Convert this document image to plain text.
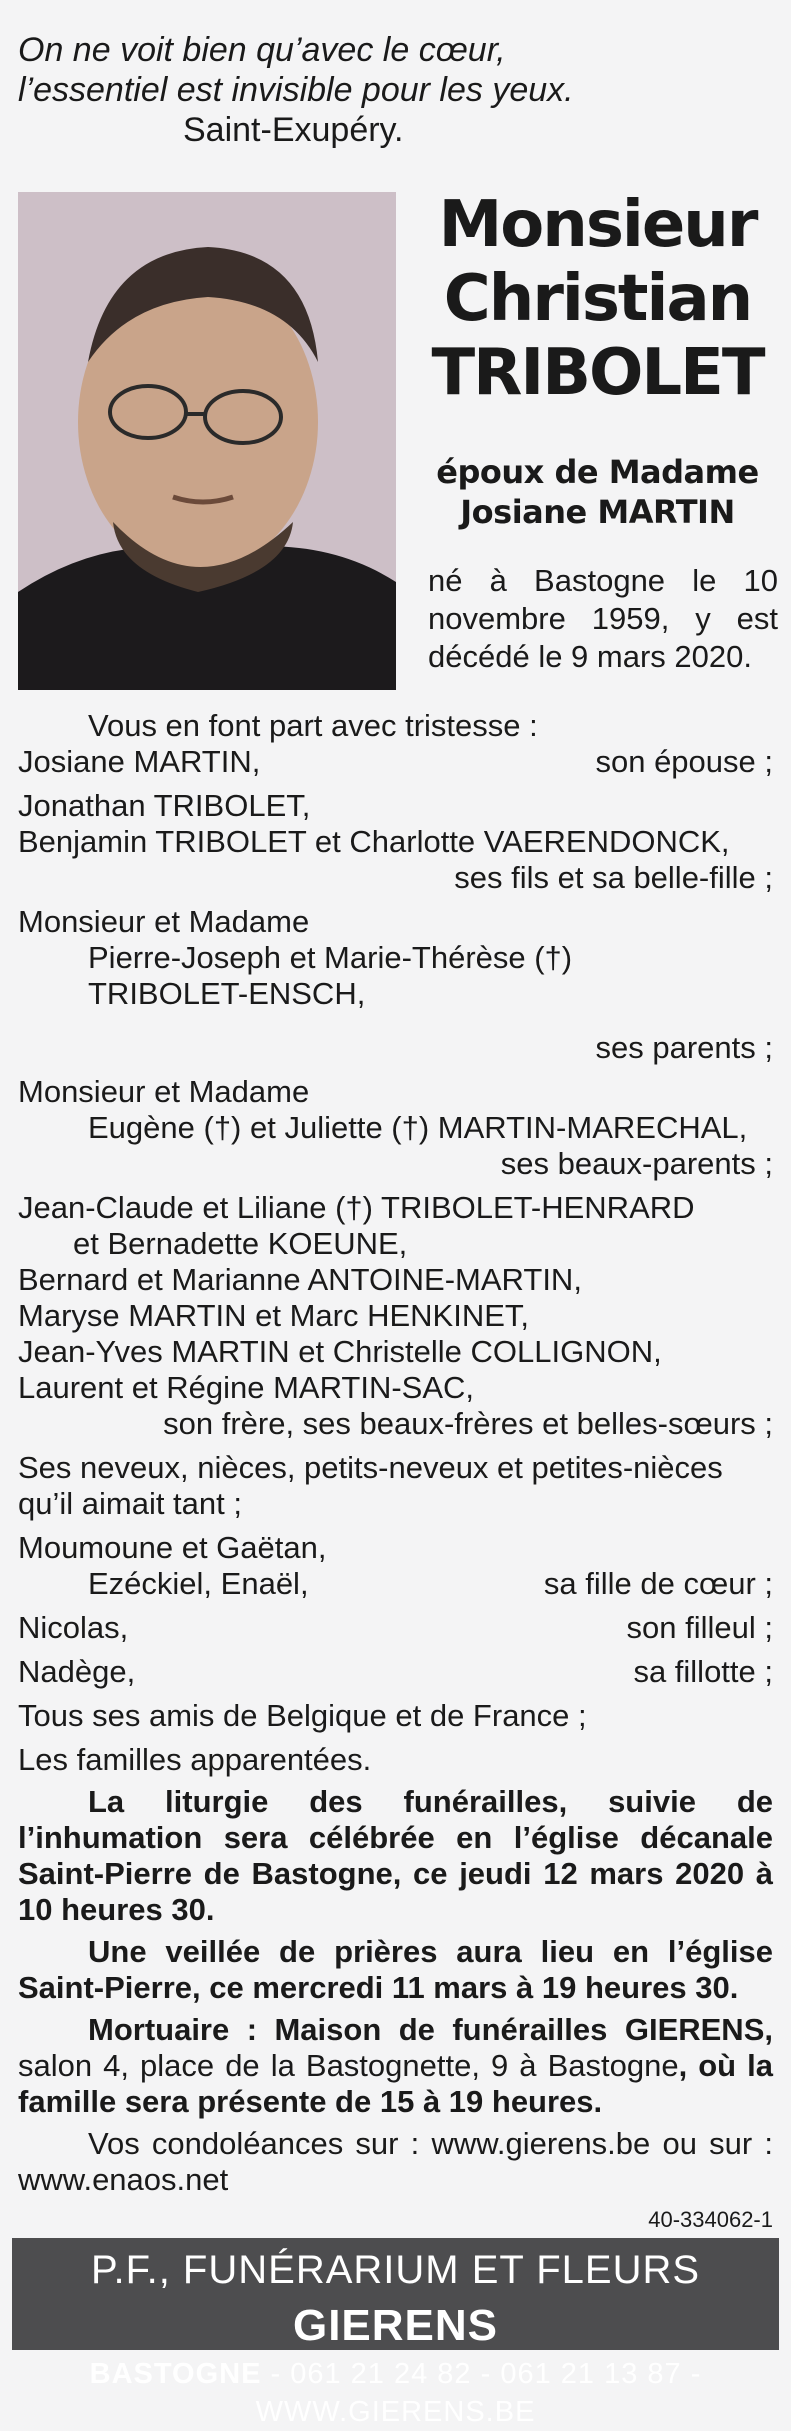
On ne voit bien qu’avec le cœur,
l’essentiel est invisible pour les yeux.
Saint-Exupéry.
Monsieur
Christian
TRIBOLET
époux de Madame
Josiane MARTIN
né à Bastogne le 10 novembre 1959, y est décédé le 9 mars 2020.
Vous en font part avec tristesse :
Josiane MARTIN,	son épouse ;
Jonathan TRIBOLET,
Benjamin TRIBOLET et Charlotte VAERENDONCK,
ses fils et sa belle-fille ;
Monsieur et Madame
Pierre-Joseph et Marie-Thérèse (†)
TRIBOLET-ENSCH,
ses parents ;
Monsieur et Madame
Eugène (†) et Juliette (†) MARTIN-MARECHAL,
ses beaux-parents ;
Jean-Claude et Liliane (†) TRIBOLET-HENRARD
et Bernadette KOEUNE,
Bernard et Marianne ANTOINE-MARTIN,
Maryse MARTIN et Marc HENKINET,
Jean-Yves MARTIN et Christelle COLLIGNON,
Laurent et Régine MARTIN-SAC,
son frère, ses beaux-frères et belles-sœurs ;
Ses neveux, nièces, petits-neveux et petites-nièces qu’il aimait tant ;
Moumoune et Gaëtan,
Ezéckiel, Enaël,	sa fille de cœur ;
Nicolas,	son filleul ;
Nadège,	sa fillotte ;
Tous ses amis de Belgique et de France ;
Les familles apparentées.
La liturgie des funérailles, suivie de l’inhumation sera célébrée en l’église décanale Saint-Pierre de Bastogne, ce jeudi 12 mars 2020 à 10 heures 30.
Une veillée de prières aura lieu en l’église Saint-Pierre, ce mercredi 11 mars à 19 heures 30.
Mortuaire : Maison de funérailles GIERENS, salon 4, place de la Bastognette, 9 à Bastogne, où la famille sera présente de 15 à 19 heures.
Vos condoléances sur : www.gierens.be ou sur : www.enaos.net
40-334062-1
P.F., FUNÉRARIUM ET FLEURS GIERENS
BASTOGNE - 061 21 24 82 - 061 21 13 87 - WWW.GIERENS.BE
